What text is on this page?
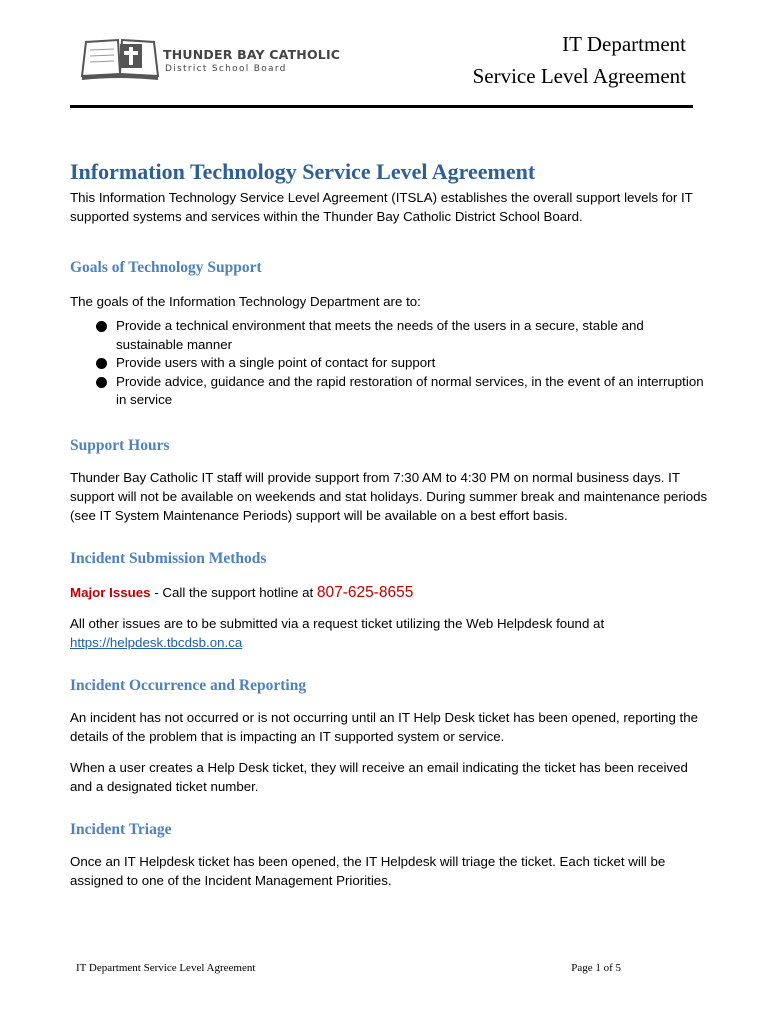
THUNDER BAY CATHOLIC
District School Board
IT Department
Service Level Agreement
Information Technology Service Level Agreement

This Information Technology Service Level Agreement (ITSLA) establishes the overall support levels for IT supported systems and services within the Thunder Bay Catholic District School Board.

Goals of Technology Support

The goals of the Information Technology Department are to:

Provide a technical environment that meets the needs of the users in a secure, stable and sustainable manner
Provide users with a single point of contact for support
Provide advice, guidance and the rapid restoration of normal services, in the event of an interruption in service
Support Hours

Thunder Bay Catholic IT staff will provide support from 7:30 AM to 4:30 PM on normal business days. IT support will not be available on weekends and stat holidays. During summer break and maintenance periods (see IT System Maintenance Periods) support will be available on a best effort basis.

Incident Submission Methods

Major Issues - Call the support hotline at 807-625-8655

All other issues are to be submitted via a request ticket utilizing the Web Helpdesk found at

https://helpdesk.tbcdsb.on.ca

Incident Occurrence and Reporting

An incident has not occurred or is not occurring until an IT Help Desk ticket has been opened, reporting the details of the problem that is impacting an IT supported system or service.

When a user creates a Help Desk ticket, they will receive an email indicating the ticket has been received and a designated ticket number.

Incident Triage

Once an IT Helpdesk ticket has been opened, the IT Helpdesk will triage the ticket. Each ticket will be assigned to one of the Incident Management Priorities.

IT Department Service Level Agreement	Page 1 of 5
